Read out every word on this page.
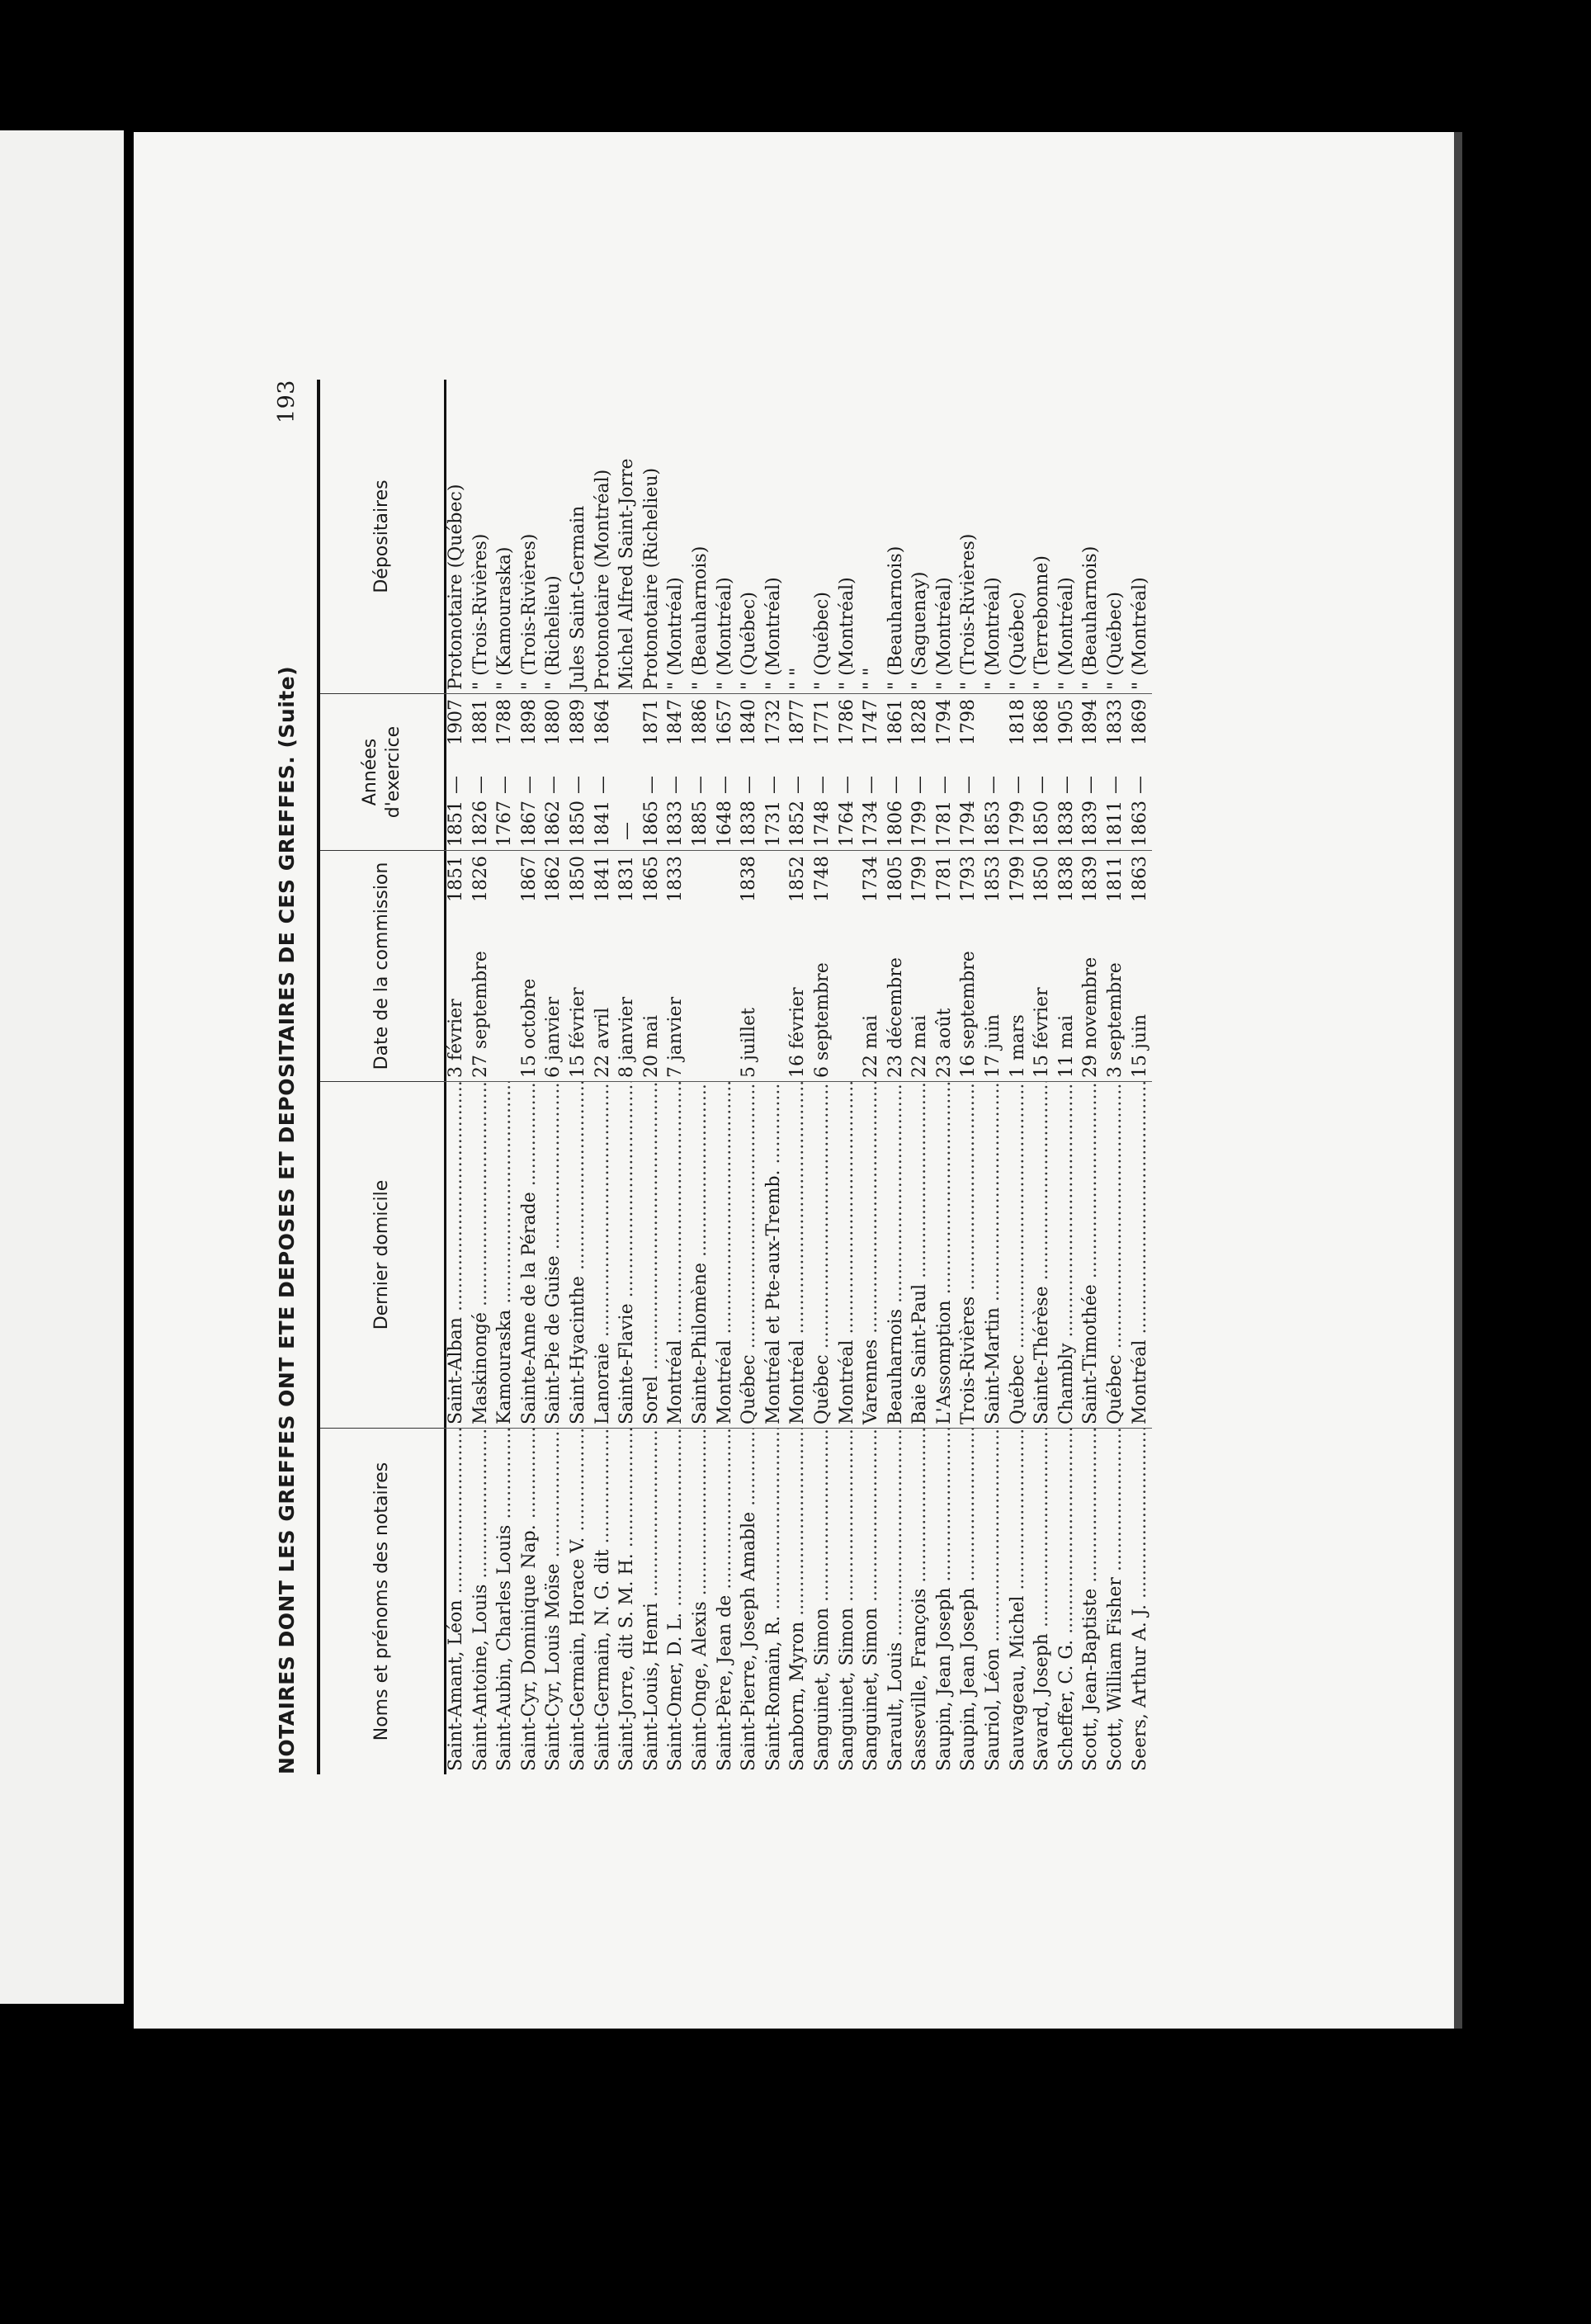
NOTAIRES DONT LES GREFFES ONT ETE DEPOSES ET DEPOSITAIRES DE CES GREFFES. (Suite)
193
Noms et prénoms des notaires
Dernier domicile
Date de la commission
Années d'exercice
Dépositaires
Saint-Amant, Léon .....
Saint-Alban .....
3 février
1851
1851—
1907
Protonotaire (Québec)
Saint-Antoine, Louis .....
Maskinongé .....
27 septembre
1826
1826—
1881
" (Trois-Rivières)
Saint-Aubin, Charles Louis .....
Kamouraska .....
1767—
1788
" (Kamouraska)
Saint-Cyr, Dominique Nap. .....
Sainte-Anne de la Pérade .....
15 octobre
1867
1867—
1898
" (Trois-Rivières)
Saint-Cyr, Louis Moïse .....
Saint-Pie de Guise .....
6 janvier
1862
1862—
1880
" (Richelieu)
Saint-Germain, Horace V. .....
Saint-Hyacinthe .....
15 février
1850
1850—
1889
Jules Saint-Germain
Saint-Germain, N. G. dit .....
Lanoraie .....
22 avril
1841
1841—
1864
Protonotaire (Montréal)
Saint-Jorre, dit S. M. H. .....
Sainte-Flavie .....
8 janvier
1831
—
Michel Alfred Saint-Jorre
Saint-Louis, Henri .....
Sorel .....
20 mai
1865
1865—
1871
Protonotaire (Richelieu)
Saint-Omer, D. L. .....
Montréal .....
7 janvier
1833
1833—
1847
" (Montréal)
Saint-Onge, Alexis .....
Sainte-Philomène .....
1885—
1886
" (Beauharnois)
Saint-Père, Jean de .....
Montréal .....
1648—
1657
" (Montréal)
Saint-Pierre, Joseph Amable .....
Québec .....
5 juillet
1838
1838—
1840
" (Québec)
Saint-Romain, R. .....
Montréal et Pte-aux-Tremb. .....
1731—
1732
" (Montréal)
Sanborn, Myron .....
Montréal .....
16 février
1852
1852—
1877
" "
Sanguinet, Simon .....
Québec .....
6 septembre
1748
1748—
1771
" (Québec)
Sanguinet, Simon .....
Montréal .....
1764—
1786
" (Montréal)
Sanguinet, Simon .....
Varennes .....
22 mai
1734
1734—
1747
" "
Sarault, Louis .....
Beauharnois .....
23 décembre
1805
1806—
1861
" (Beauharnois)
Sasseville, François .....
Baie Saint-Paul .....
22 mai
1799
1799—
1828
" (Saguenay)
Saupin, Jean Joseph .....
L'Assomption .....
23 août
1781
1781—
1794
" (Montréal)
Saupin, Jean Joseph .....
Trois-Rivières .....
16 septembre
1793
1794—
1798
" (Trois-Rivières)
Sauriol, Léon .....
Saint-Martin .....
17 juin
1853
1853—
" (Montréal)
Sauvageau, Michel .....
Québec .....
1 mars
1799
1799—
1818
" (Québec)
Savard, Joseph .....
Sainte-Thérèse .....
15 février
1850
1850—
1868
" (Terrebonne)
Scheffer, C. G. .....
Chambly .....
11 mai
1838
1838—
1905
" (Montréal)
Scott, Jean-Baptiste .....
Saint-Timothée .....
29 novembre
1839
1839—
1894
" (Beauharnois)
Scott, William Fisher .....
Québec .....
3 septembre
1811
1811—
1833
" (Québec)
Seers, Arthur A. J. .....
Montréal .....
15 juin
1863
1863—
1869
" (Montréal)
